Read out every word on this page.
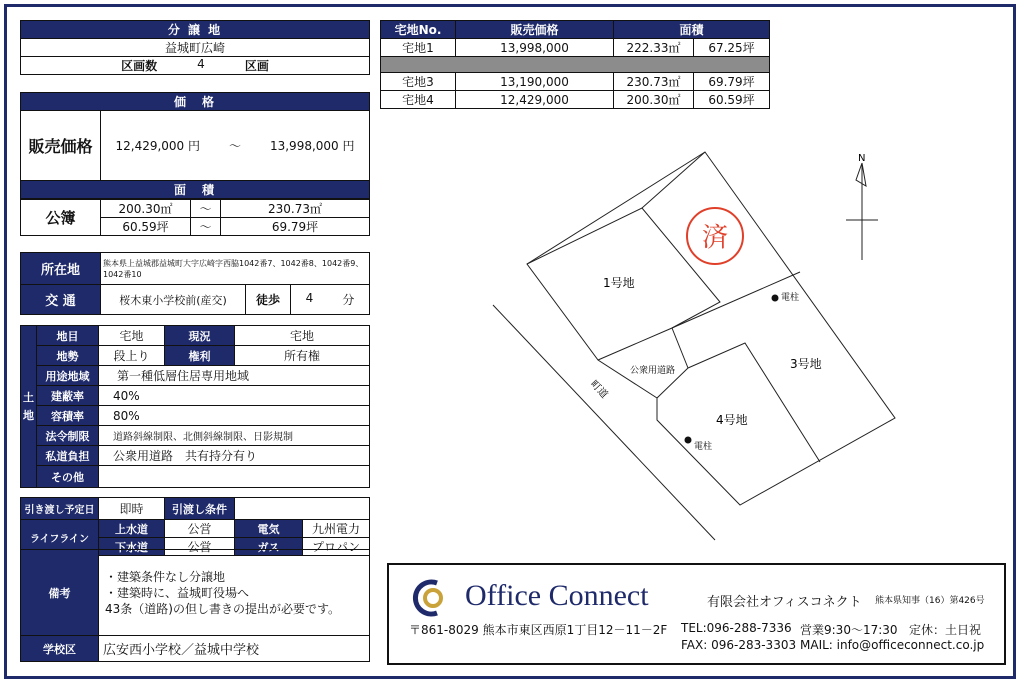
分 譲 地
益城町広崎

区画数	4	区画
価　格
販売価格	12,429,000 円 ～ 13,998,000 円

面　積
公簿	200.30㎡	～	230.73㎡
	60.59坪	～	69.79坪
所在地	熊本県上益城郡益城町大字広崎字西脇1042番7、1042番8、1042番9、1042番10		
交 通	桜木東小学校前(産交)	徒歩	4 分
土
地	地目	宅地	現況	宅地
	地勢	段上り	権利	所有権
	用途地域	第一種低層住居専用地域		
	建蔽率	40%		
	容積率	80%		
	法令制限	道路斜線制限、北側斜線制限、日影規制		
	私道負担	公衆用道路　共有持分有り		
	その他			
引き渡し予定日	即時	引渡し条件	
ライフライン	上水道	公営	電気	九州電力
	下水道	公営	ガス	プロパン
備考	・建築条件なし分譲地
・建築時に、益城町役場へ
43条（道路)の但し書きの提出が必要です。

学校区	広安西小学校／益城中学校
宅地No.	販売価格	面積	
宅地1	13,998,000	222.33㎡	67.25坪

宅地3	13,190,000	230.73㎡	69.79坪
宅地4	12,429,000	200.30㎡	60.59坪
1号地
3号地
4号地
公衆用道路
町道
済
電柱
電柱
N
Office Connect	有限会社オフィスコネクト 熊本県知事（16）第426号
〒861-8029 熊本市東区西原1丁目12－11－2F TEL:096-288-7336 営業9:30～17:30 定休：土日祝
FAX: 096-283-3303 MAIL: info@officeconnect.co.jp
